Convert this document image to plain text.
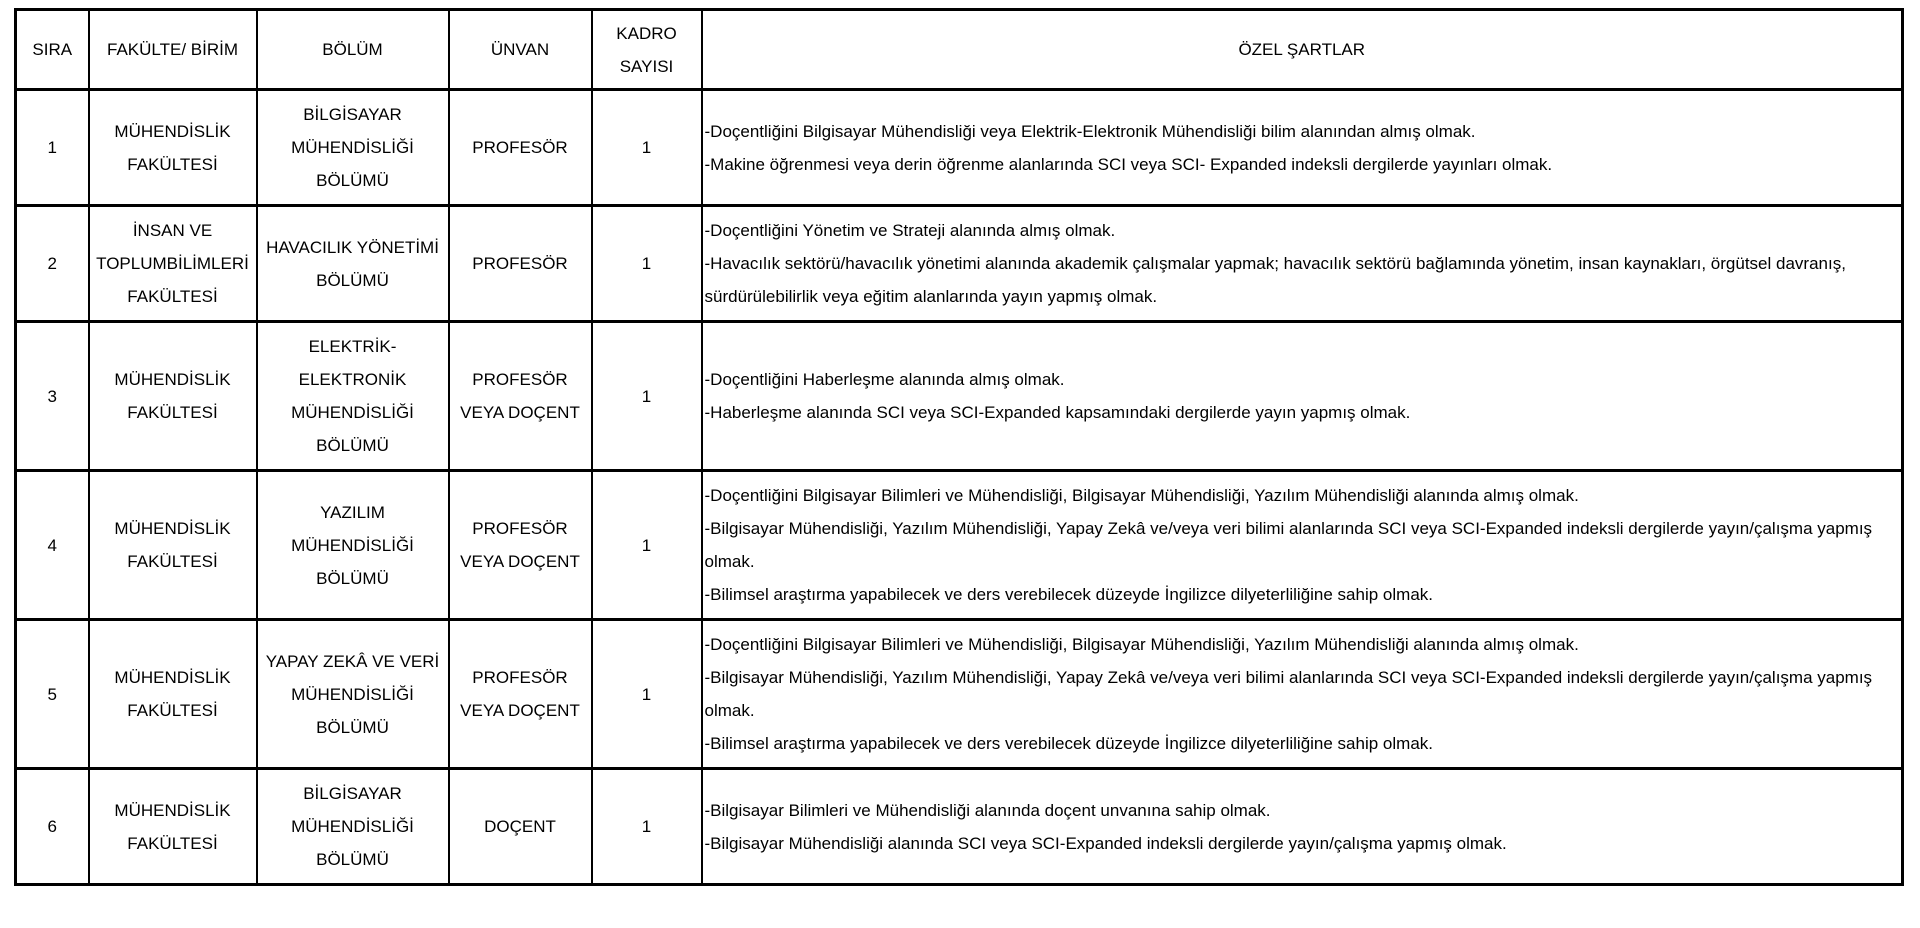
SIRA	FAKÜLTE/ BİRİM	BÖLÜM	ÜNVAN	KADRO SAYISI	ÖZEL ŞARTLAR
1	MÜHENDİSLİK FAKÜLTESİ	BİLGİSAYAR MÜHENDİSLİĞİ BÖLÜMÜ	PROFESÖR	1	-Doçentliğini Bilgisayar Mühendisliği veya Elektrik-Elektronik Mühendisliği bilim alanından almış olmak.
-Makine öğrenmesi veya derin öğrenme alanlarında SCI veya SCI- Expanded indeksli dergilerde yayınları olmak.

2	İNSAN VE TOPLUMBİLİMLERİ FAKÜLTESİ	HAVACILIK YÖNETİMİ BÖLÜMÜ	PROFESÖR	1	-Doçentliğini Yönetim ve Strateji alanında almış olmak.
-Havacılık sektörü/havacılık yönetimi alanında akademik çalışmalar yapmak; havacılık sektörü bağlamında yönetim, insan kaynakları, örgütsel davranış, sürdürülebilirlik veya eğitim alanlarında yayın yapmış olmak.

3	MÜHENDİSLİK FAKÜLTESİ	ELEKTRİK-ELEKTRONİK MÜHENDİSLİĞİ BÖLÜMÜ	PROFESÖR VEYA DOÇENT	1	-Doçentliğini Haberleşme alanında almış olmak.
-Haberleşme alanında SCI veya SCI-Expanded kapsamındaki dergilerde yayın yapmış olmak.

4	MÜHENDİSLİK FAKÜLTESİ	YAZILIM MÜHENDİSLİĞİ BÖLÜMÜ	PROFESÖR VEYA DOÇENT	1	-Doçentliğini Bilgisayar Bilimleri ve Mühendisliği, Bilgisayar Mühendisliği, Yazılım Mühendisliği alanında almış olmak.
-Bilgisayar Mühendisliği, Yazılım Mühendisliği, Yapay Zekâ ve/veya veri bilimi alanlarında SCI veya SCI-Expanded indeksli dergilerde yayın/çalışma yapmış olmak.
-Bilimsel araştırma yapabilecek ve ders verebilecek düzeyde İngilizce dilyeterliliğine sahip olmak.

5	MÜHENDİSLİK FAKÜLTESİ	YAPAY ZEKÂ VE VERİ MÜHENDİSLİĞİ BÖLÜMÜ	PROFESÖR VEYA DOÇENT	1	-Doçentliğini Bilgisayar Bilimleri ve Mühendisliği, Bilgisayar Mühendisliği, Yazılım Mühendisliği alanında almış olmak.
-Bilgisayar Mühendisliği, Yazılım Mühendisliği, Yapay Zekâ ve/veya veri bilimi alanlarında SCI veya SCI-Expanded indeksli dergilerde yayın/çalışma yapmış olmak.
-Bilimsel araştırma yapabilecek ve ders verebilecek düzeyde İngilizce dilyeterliliğine sahip olmak.

6	MÜHENDİSLİK FAKÜLTESİ	BİLGİSAYAR MÜHENDİSLİĞİ BÖLÜMÜ	DOÇENT	1	-Bilgisayar Bilimleri ve Mühendisliği alanında doçent unvanına sahip olmak.
-Bilgisayar Mühendisliği alanında SCI veya SCI-Expanded indeksli dergilerde yayın/çalışma yapmış olmak.
